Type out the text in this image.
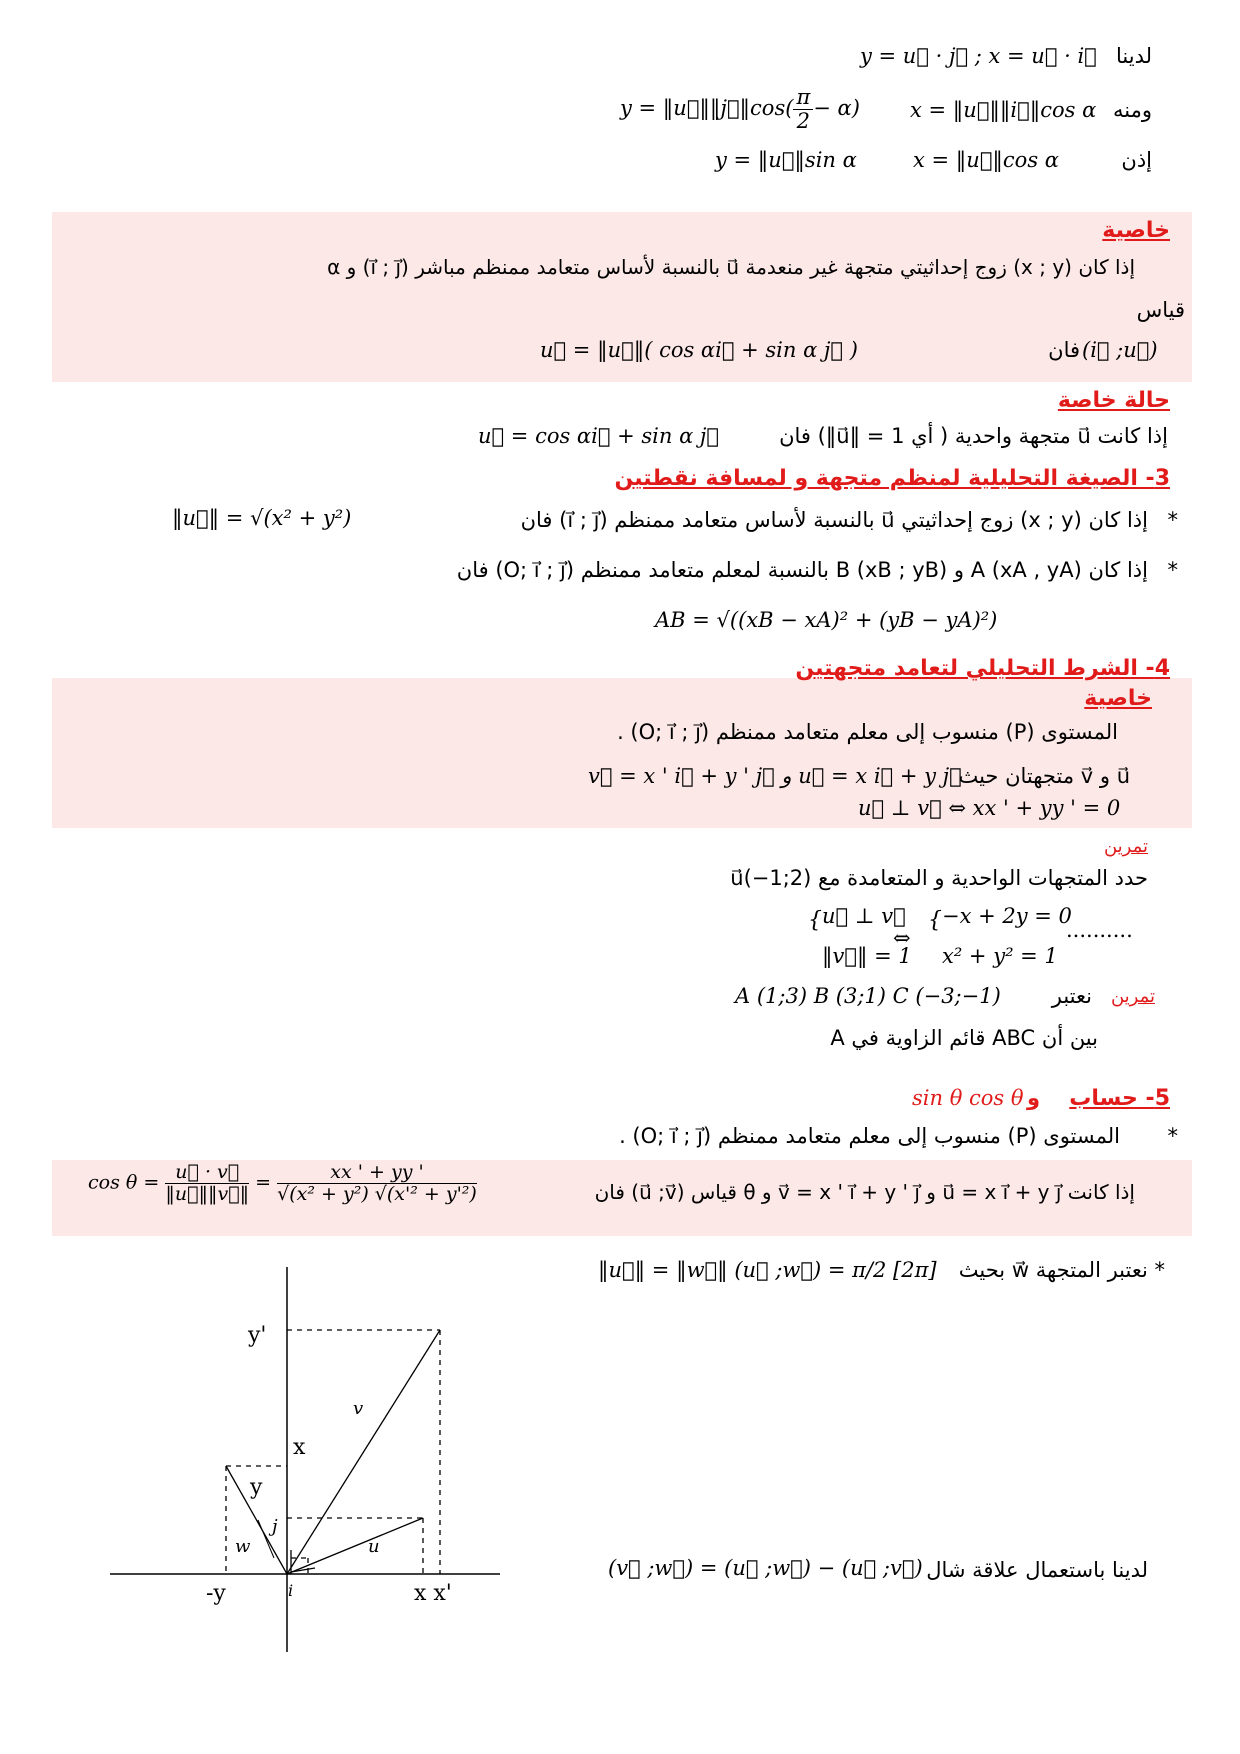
لدينا
y = u⃗ · j⃗ ; x = u⃗ · i⃗
ومنه
x = ‖u⃗‖‖i⃗‖cos α
y = ‖u⃗‖‖j⃗‖cos( $\frac{\pi}{2} - \alpha$)
إذن
x = ‖u⃗‖cos α
y = ‖u⃗‖sin α
خاصية
إذا كان (x ; y) زوج إحداثيتي متجهة غير منعدمة u⃗ بالنسبة لأساس متعامد ممنظم مباشر (i⃗ ; j⃗) و α
قياس
فان (i⃗ ;u⃗)
u⃗ = ‖u⃗‖( cos αi⃗ + sin α j⃗ )
حالة خاصة
إذا كانت u⃗ متجهة واحدية ( أي 1 = ‖u⃗‖) فان
u⃗ = cos αi⃗ + sin α j⃗
3- الصيغة التحليلية لمنظم متجهة و لمسافة نقطتين
*
إذا كان (x ; y) زوج إحداثيتي u⃗ بالنسبة لأساس متعامد ممنظم (i⃗ ; j⃗) فان
‖u⃗‖ = √(x² + y²)
*
إذا كان A (xA , yA) و B (xB ; yB) بالنسبة لمعلم متعامد ممنظم (O; i⃗ ; j⃗) فان
AB = √((xB − xA)² + (yB − yA)²)
4- الشرط التحليلي لتعامد متجهتين
خاصية
المستوى (P) منسوب إلى معلم متعامد ممنظم (O; i⃗ ; j⃗) .
u⃗ و v⃗ متجهتان حيث
v⃗ = x ' i⃗ + y ' j⃗ و u⃗ = x i⃗ + y j⃗
u⃗ ⊥ v⃗ ⇔ xx ' + yy ' = 0
تمرين
حدد المتجهات الواحدية و المتعامدة مع u⃗(−1;2)
{ u⃗ ⊥ v⃗
‖v⃗‖ = 1
⇔
{ −x + 2y = 0
x² + y² = 1
..........
تمرين
نعتبر
A (1;3) B (3;1) C (−3;−1)
بين أن ABC قائم الزاوية في A
5- حساب
و
sin θ cos θ
*
المستوى (P) منسوب إلى معلم متعامد ممنظم (O; i⃗ ; j⃗) .
إذا كانت u⃗ = x i⃗ + y j⃗ و v⃗ = x ' i⃗ + y ' j⃗ و θ قياس (u⃗ ;v⃗) فان
$\cos \theta = \frac{u⃗ \cdot v⃗}{‖u⃗‖‖v⃗‖} = \frac{xx ' + yy '}{\text{√(x² + y²) √(x'² + y'²)}}$
* نعتبر المتجهة w⃗ بحيث
‖u⃗‖ = ‖w⃗‖ (u⃗ ;w⃗) = π/2 [2π]
لدينا باستعمال علاقة شال
(v⃗ ;w⃗) = (u⃗ ;w⃗) − (u⃗ ;v⃗)
y'
x
y
j
w
v
u
i
-y	x x'
